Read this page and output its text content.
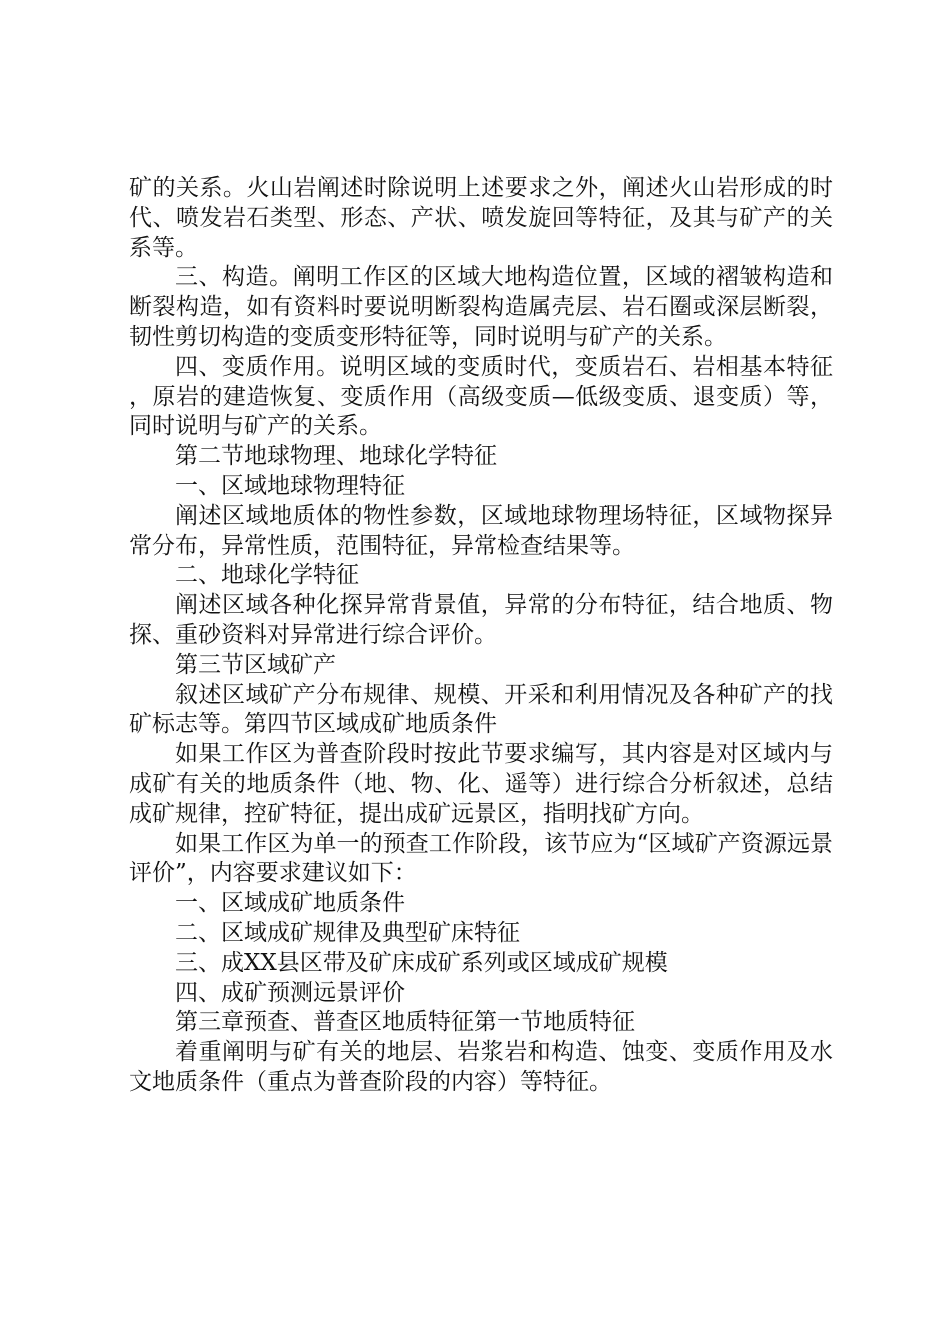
矿的关系。火山岩阐述时除说明上述要求之外，阐述火山岩形成的时代、喷发岩石类型、形态、产状、喷发旋回等特征，及其与矿产的关系等。

三、构造。阐明工作区的区域大地构造位置，区域的褶皱构造和断裂构造，如有资料时要说明断裂构造属壳层、岩石圈或深层断裂，韧性剪切构造的变质变形特征等，同时说明与矿产的关系。

四、变质作用。说明区域的变质时代，变质岩石、岩相基本特征，原岩的建造恢复、变质作用（高级变质—低级变质、退变质）等，同时说明与矿产的关系。

第二节地球物理、地球化学特征

一、区域地球物理特征

阐述区域地质体的物性参数，区域地球物理场特征，区域物探异常分布，异常性质，范围特征，异常检查结果等。

二、地球化学特征

阐述区域各种化探异常背景值，异常的分布特征，结合地质、物探、重砂资料对异常进行综合评价。

第三节区域矿产

叙述区域矿产分布规律、规模、开采和利用情况及各种矿产的找矿标志等。第四节区域成矿地质条件

如果工作区为普查阶段时按此节要求编写，其内容是对区域内与成矿有关的地质条件（地、物、化、遥等）进行综合分析叙述，总结成矿规律，控矿特征，提出成矿远景区，指明找矿方向。

如果工作区为单一的预查工作阶段，该节应为“区域矿产资源远景评价”，内容要求建议如下：

一、区域成矿地质条件

二、区域成矿规律及典型矿床特征

三、成XX县区带及矿床成矿系列或区域成矿规模

四、成矿预测远景评价

第三章预查、普查区地质特征第一节地质特征

着重阐明与矿有关的地层、岩浆岩和构造、蚀变、变质作用及水文地质条件（重点为普查阶段的内容）等特征。
